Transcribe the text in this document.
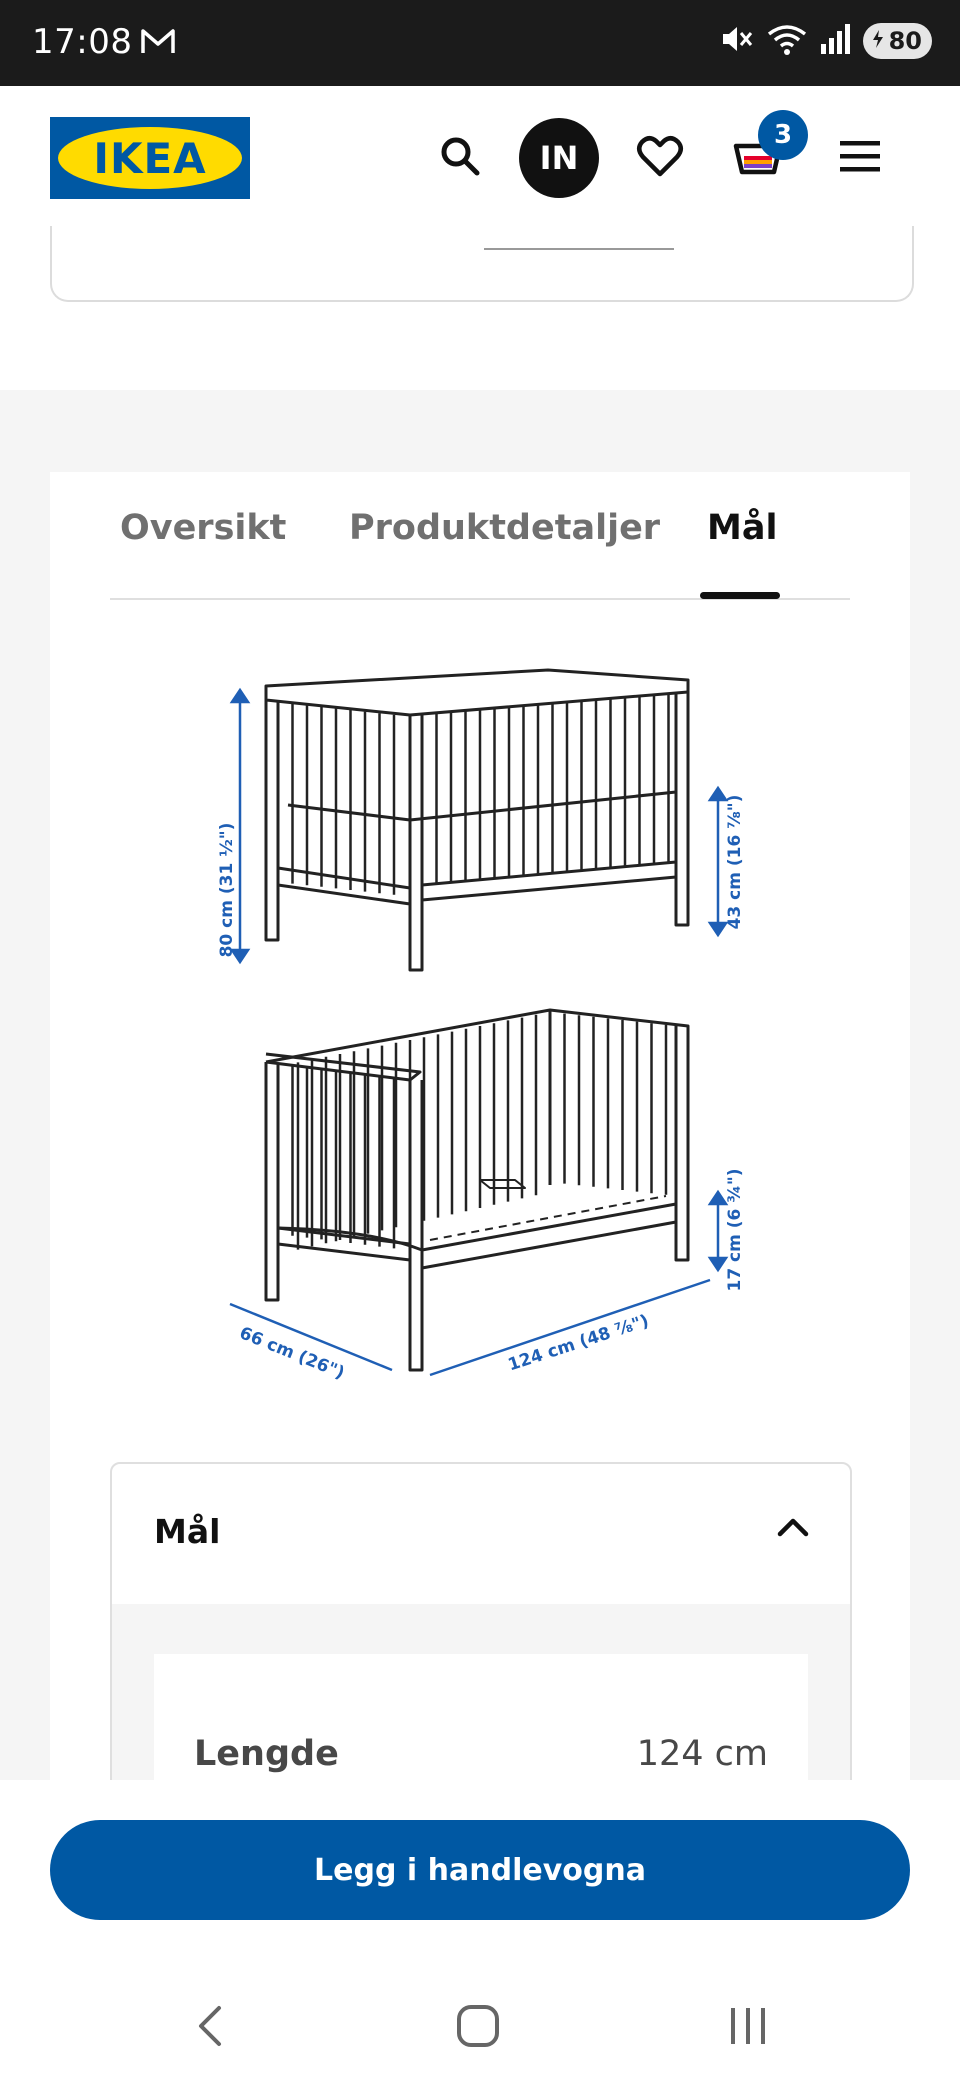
17:08	80
IKEA	IN
3
Oversikt Produktdetaljer Mål
80 cm (31 ½")	43 cm (16 ⅞")
17 cm (6 ¾")
66 cm (26")	124 cm (48 ⅞")
Mål
Lengde	124 cm
Legg i handlevogna
